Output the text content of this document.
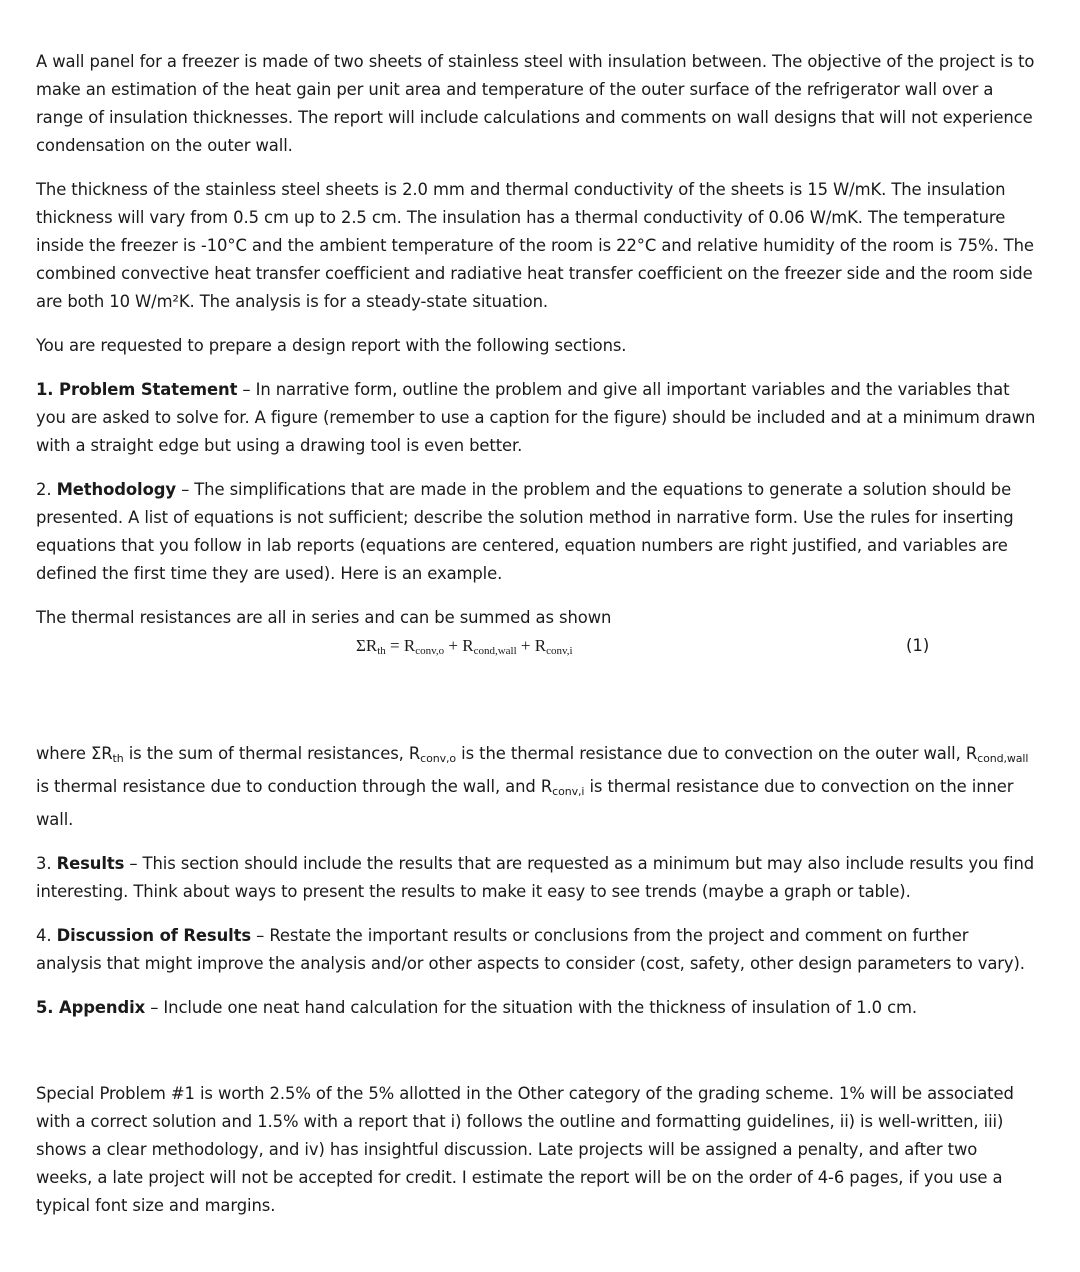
A wall panel for a freezer is made of two sheets of stainless steel with insulation between. The objective of the project is to make an estimation of the heat gain per unit area and temperature of the outer surface of the refrigerator wall over a range of insulation thicknesses. The report will include calculations and comments on wall designs that will not experience condensation on the outer wall.

The thickness of the stainless steel sheets is 2.0 mm and thermal conductivity of the sheets is 15 W/mK. The insulation thickness will vary from 0.5 cm up to 2.5 cm. The insulation has a thermal conductivity of 0.06 W/mK. The temperature inside the freezer is -10°C and the ambient temperature of the room is 22°C and relative humidity of the room is 75%. The combined convective heat transfer coefficient and radiative heat transfer coefficient on the freezer side and the room side are both 10 W/m²K. The analysis is for a steady-state situation.

You are requested to prepare a design report with the following sections.

1. Problem Statement – In narrative form, outline the problem and give all important variables and the variables that you are asked to solve for. A figure (remember to use a caption for the figure) should be included and at a minimum drawn with a straight edge but using a drawing tool is even better.

2. Methodology – The simplifications that are made in the problem and the equations to generate a solution should be presented. A list of equations is not sufficient; describe the solution method in narrative form. Use the rules for inserting equations that you follow in lab reports (equations are centered, equation numbers are right justified, and variables are defined the first time they are used). Here is an example.

The thermal resistances are all in series and can be summed as shown

$\Sigma R_{th} = R_{conv,o} + R_{cond,wall} + R_{conv,i}$	(1)

where $\Sigma R_{th}$ is the sum of thermal resistances, $R_{conv,o}$ is the thermal resistance due to convection on the outer wall, $R_{cond,wall}$ is thermal resistance due to conduction through the wall, and $R_{conv,i}$ is thermal resistance due to convection on the inner wall.

3. Results – This section should include the results that are requested as a minimum but may also include results you find interesting. Think about ways to present the results to make it easy to see trends (maybe a graph or table).

4. Discussion of Results – Restate the important results or conclusions from the project and comment on further analysis that might improve the analysis and/or other aspects to consider (cost, safety, other design parameters to vary).

5. Appendix – Include one neat hand calculation for the situation with the thickness of insulation of 1.0 cm.

Special Problem #1 is worth 2.5% of the 5% allotted in the Other category of the grading scheme. 1% will be associated with a correct solution and 1.5% with a report that i) follows the outline and formatting guidelines, ii) is well-written, iii) shows a clear methodology, and iv) has insightful discussion. Late projects will be assigned a penalty, and after two weeks, a late project will not be accepted for credit. I estimate the report will be on the order of 4-6 pages, if you use a typical font size and margins.
